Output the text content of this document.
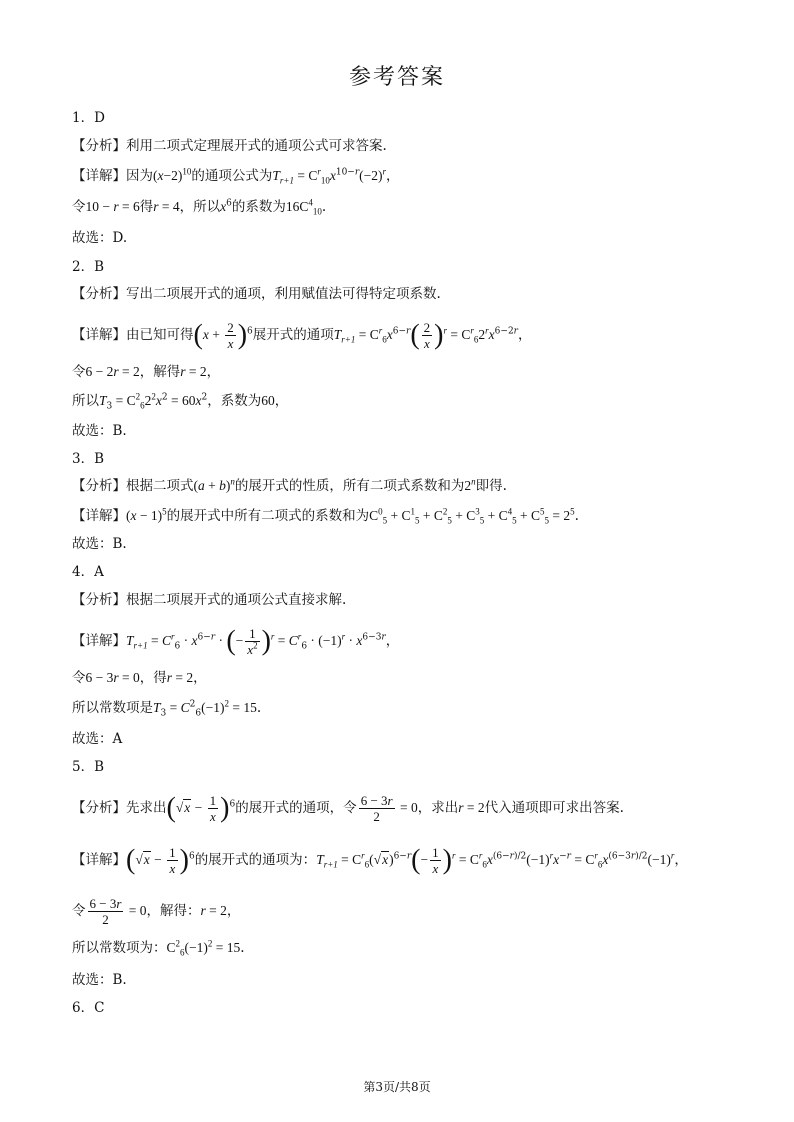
参考答案
1．D
【分析】利用二项式定理展开式的通项公式可求答案.
【详解】因为$(x-2)^{10}$的通项公式为$T_{r+1} = C^r_{10}x^{10-r}(-2)^r$，
令10 − r = 6得r = 4，所以$x^6$的系数为$16C^4_{10}$.
故选：D.
2．B
【分析】写出二项展开式的通项，利用赋值法可得特定项系数.
【详解】由已知可得$(x + \frac{2}{x} )^6$展开式的通项$T_{r+1} = C^r_6x^{6-r}( \frac{2}{x} )^r = C^r_62^rx^{6-2r}$，
令6 − 2r = 2，解得r = 2，
所以$T_3 = C^2_62^2x^2 = 60x^2$，系数为60，
故选：B.
3．B
【分析】根据二项式$(a + b)^n$的展开式的性质，所有二项式系数和为2$^n$即得.
【详解】$(x - 1)^5$的展开式中所有二项式的系数和为$C^0_5 + C^1_5 + C^2_5 + C^3_5 + C^4_5 + C^5_5 = 2^5$.
故选：B.
4．A
【分析】根据二项展开式的通项公式直接求解.
【详解】$T_{r+1} = C^r_6 \cdot x^{6-r}$ · (− $\frac{1}{x^2} )^r = C^r_6 \cdot (-1)^r \cdot x^{6-3r}$，
令6 − 3r = 0，得r = 2，
所以常数项是$T_3 = C^2_6(-1)^2 = 15$.
故选：A
5．B
【分析】先求出$(√x - \frac{1}{x} )^6$的展开式的通项，令 $\frac{6 - 3r}{2} = 0$，求出r = 2代入通项即可求出答案.
【详解】$(√x - \frac{1}{x} )^6$的展开式的通项为：$T_{r+1} = C^r_6(√x)^{6-r}(- \frac{1}{x} )^r = C^r_6x^{(6-r)/2}(-1)^rx^{-r} = C^r_6x^{(6-3r)/2}(-1)^r$，
令 $\frac{6 - 3r}{2} = 0$，解得：r = 2，
所以常数项为：$C^2_6(-1)^2 = 15$.
故选：B.
6．C
第3页/共8页
